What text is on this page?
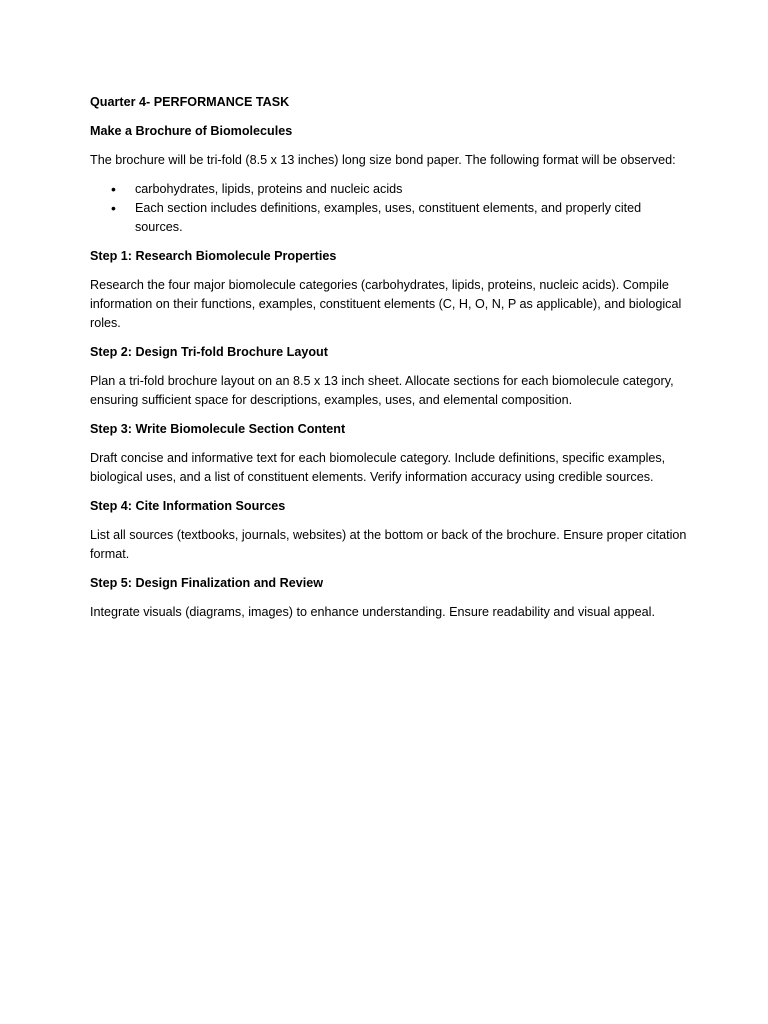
Quarter 4- PERFORMANCE TASK

Make a Brochure of Biomolecules

The brochure will be tri-fold (8.5 x 13 inches) long size bond paper. The following format will be observed:

• carbohydrates, lipids, proteins and nucleic acids
• Each section includes definitions, examples, uses, constituent elements, and properly cited sources.

Step 1: Research Biomolecule Properties

Research the four major biomolecule categories (carbohydrates, lipids, proteins, nucleic acids). Compile information on their functions, examples, constituent elements (C, H, O, N, P as applicable), and biological roles.

Step 2: Design Tri-fold Brochure Layout

Plan a tri-fold brochure layout on an 8.5 x 13 inch sheet. Allocate sections for each biomolecule category, ensuring sufficient space for descriptions, examples, uses, and elemental composition.

Step 3: Write Biomolecule Section Content

Draft concise and informative text for each biomolecule category. Include definitions, specific examples, biological uses, and a list of constituent elements. Verify information accuracy using credible sources.

Step 4: Cite Information Sources

List all sources (textbooks, journals, websites) at the bottom or back of the brochure. Ensure proper citation format.

Step 5: Design Finalization and Review

Integrate visuals (diagrams, images) to enhance understanding. Ensure readability and visual appeal.
